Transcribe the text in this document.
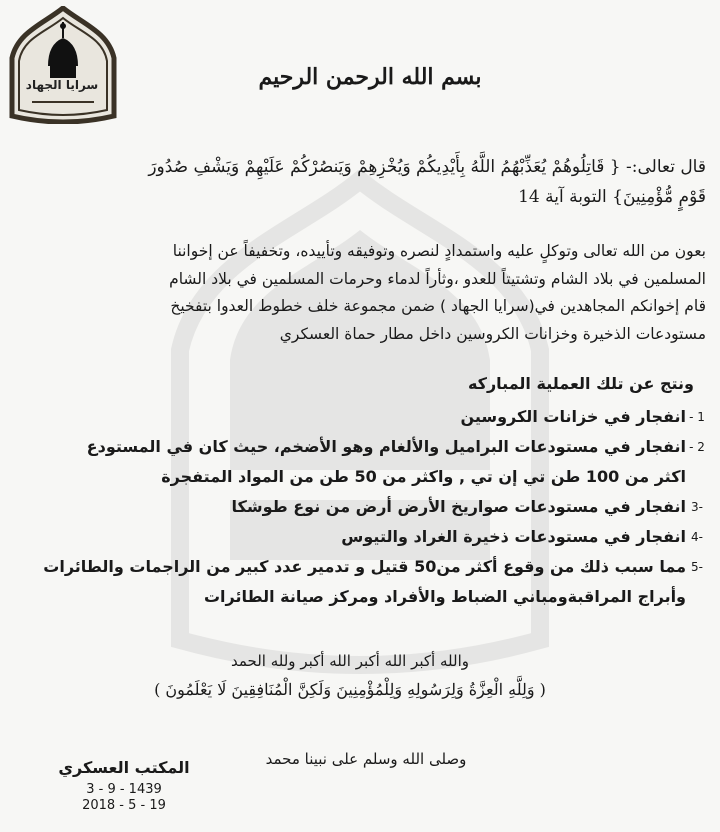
سرايا الجهاد	بسم الله الرحمن الرحيم
قال تعالى:- { قَاتِلُوهُمْ يُعَذِّبْهُمُ اللَّهُ بِأَيْدِيكُمْ وَيُخْزِهِمْ وَيَنصُرْكُمْ عَلَيْهِمْ وَيَشْفِ صُدُورَ
قَوْمٍ مُّؤْمِنِينَ} التوبة آية 14
بعون من الله تعالى وتوكلٍ عليه واستمدادٍ لنصره وتوفيقه وتأييده، وتخفيفاً عن إخواننا
المسلمين في بلاد الشام وتشتيتاً للعدو ،وثأراً لدماء وحرمات المسلمين في بلاد الشام
قام إخوانكم المجاهدين في(سرايا الجهاد ) ضمن مجموعة خلف خطوط العدوا بتفخيخ
مستودعات الذخيرة وخزانات الكروسين داخل مطار حماة العسكري
ونتج عن تلك العملية المباركه
1 -
انفجار في خزانات الكروسين
2 -
انفجار في مستودعات البراميل والألغام وهو الأضخم، حيث كان في المستودع
اكثر من 100 طن تي إن تي , واكثر من 50 طن من المواد المتفجرة
-3
انفجار في مستودعات صواريخ الأرض أرض من نوع طوشكا
-4
انفجار في مستودعات ذخيرة الغراد والتيوس
-5
مما سبب ذلك من وقوع أكثر من50 قتيل و تدمير عدد كبير من الراجمات والطائرات
وأبراج المراقبةومباني الضباط والأفراد ومركز صيانة الطائرات
والله أكبر الله أكبر الله أكبر ولله الحمد
( وَلِلَّهِ الْعِزَّةُ وَلِرَسُولِهِ وَلِلْمُؤْمِنِينَ وَلَكِنَّ الْمُنَافِقِينَ لَا يَعْلَمُونَ )
وصلى الله وسلم على نبينا محمد
المكتب العسكري
3 - 9 - 1439
2018 - 5 - 19
